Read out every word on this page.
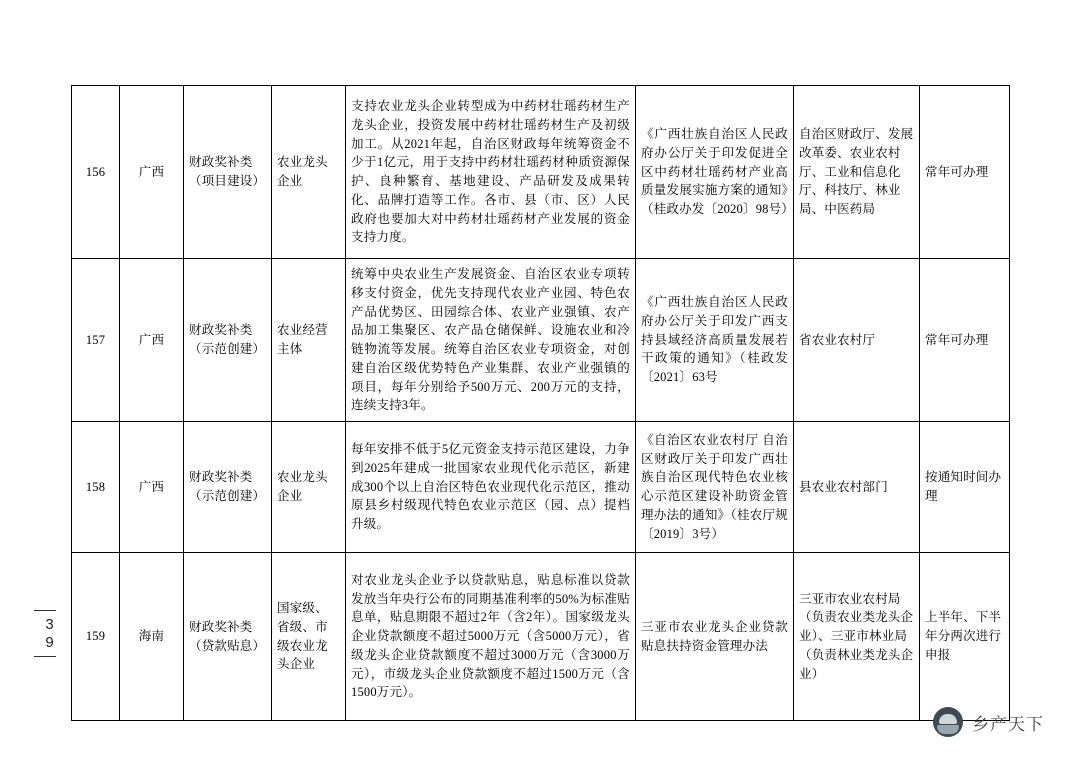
39
156	广西	财政奖补类（项目建设）	农业龙头企业	支持农业龙头企业转型成为中药材壮瑶药材生产龙头企业，投资发展中药材壮瑶药材生产及初级加工。从2021年起，自治区财政每年统筹资金不少于1亿元，用于支持中药材壮瑶药材种质资源保护、良种繁育、基地建设、产品研发及成果转化、品牌打造等工作。各市、县（市、区）人民政府也要加大对中药材壮瑶药材产业发展的资金支持力度。	《广西壮族自治区人民政府办公厅关于印发促进全区中药材壮瑶药材产业高质量发展实施方案的通知》（桂政办发〔2020〕98号）	自治区财政厅、发展改革委、农业农村厅、工业和信息化厅、科技厅、林业局、中医药局	常年可办理
157	广西	财政奖补类（示范创建）	农业经营主体	统筹中央农业生产发展资金、自治区农业专项转移支付资金，优先支持现代农业产业园、特色农产品优势区、田园综合体、农业产业强镇、农产品加工集聚区、农产品仓储保鲜、设施农业和冷链物流等发展。统筹自治区农业专项资金，对创建自治区级优势特色产业集群、农业产业强镇的项目，每年分别给予500万元、200万元的支持，连续支持3年。	《广西壮族自治区人民政府办公厅关于印发广西支持县域经济高质量发展若干政策的通知》（桂政发〔2021〕63号	省农业农村厅	常年可办理
158	广西	财政奖补类（示范创建）	农业龙头企业	每年安排不低于5亿元资金支持示范区建设，力争到2025年建成一批国家农业现代化示范区，新建成300个以上自治区特色农业现代化示范区，推动原县乡村级现代特色农业示范区（园、点）提档升级。	《自治区农业农村厅 自治区财政厅关于印发广西壮族自治区现代特色农业核心示范区建设补助资金管理办法的通知》（桂农厅规〔2019〕3号）	县农业农村部门	按通知时间办理
159	海南	财政奖补类（贷款贴息）	国家级、省级、市级农业龙头企业	对农业龙头企业予以贷款贴息，贴息标准以贷款发放当年央行公布的同期基准利率的50%为标准贴息单，贴息期限不超过2年（含2年）。国家级龙头企业贷款额度不超过5000万元（含5000万元），省级龙头企业贷款额度不超过3000万元（含3000万元），市级龙头企业贷款额度不超过1500万元（含1500万元）。	三亚市农业龙头企业贷款贴息扶持资金管理办法	三亚市农业农村局（负责农业类龙头企业）、三亚市林业局（负责林业类龙头企业）	上半年、下半年分两次进行申报
乡产天下
